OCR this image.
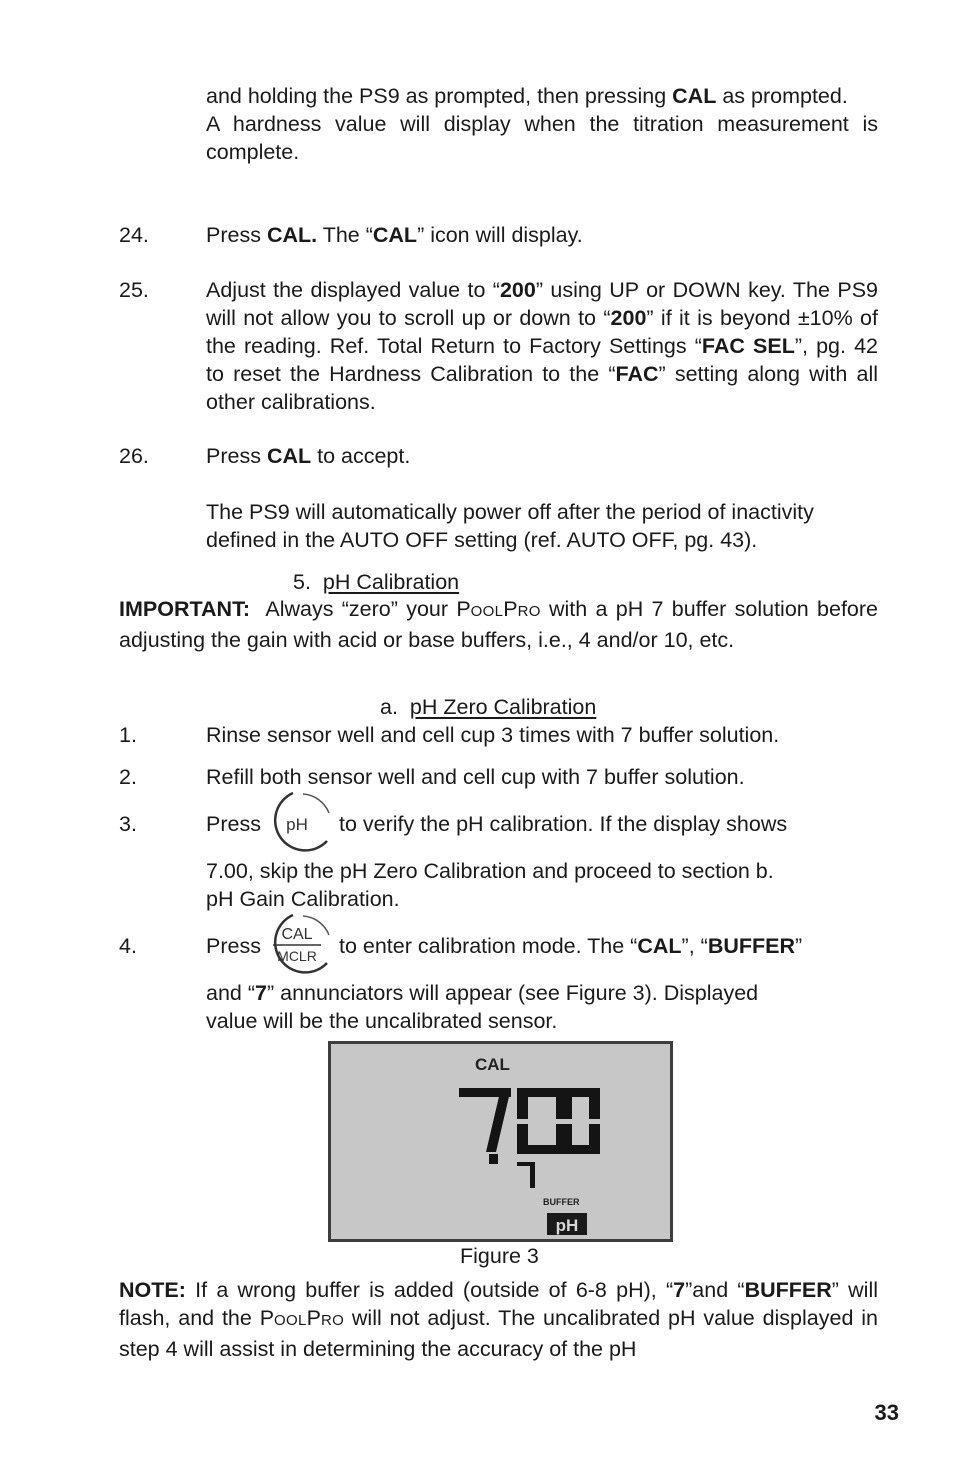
and holding the PS9 as prompted, then pressing CAL as prompted.
A hardness value will display when the titration measurement is complete.
24.	Press CAL. The “CAL” icon will display.
25.	Adjust the displayed value to “200” using UP or DOWN key. The PS9 will not allow you to scroll up or down to “200” if it is beyond ±10% of the reading. Ref. Total Return to Factory Settings “FAC SEL”, pg. 42 to reset the Hardness Calibration to the “FAC” setting along with all other calibrations.
26.	Press CAL to accept.
The PS9 will automatically power off after the period of inactivity defined in the AUTO OFF setting (ref. AUTO OFF, pg. 43).
5. pH Calibration
IMPORTANT: Always “zero” your POOLPRO with a pH 7 buffer solution before adjusting the gain with acid or base buffers, i.e., 4 and/or 10, etc.
a. pH Zero Calibration
1.	Rinse sensor well and cell cup 3 times with 7 buffer solution.
2.	Refill both sensor well and cell cup with 7 buffer solution.
3.	Press pH to verify the pH calibration. If the display shows
7.00, skip the pH Zero Calibration and proceed to section b.
pH Gain Calibration.
4.	Press CAL
MCLR to enter calibration mode. The “CAL”, “BUFFER”
and “7” annunciators will appear (see Figure 3). Displayed
value will be the uncalibrated sensor.
CAL
7.00
7
BUFFER
pH
Figure 3
NOTE: If a wrong buffer is added (outside of 6-8 pH), “7”and “BUFFER” will flash, and the POOLPRO will not adjust. The uncalibrated pH value displayed in step 4 will assist in determining the accuracy of the pH
33
